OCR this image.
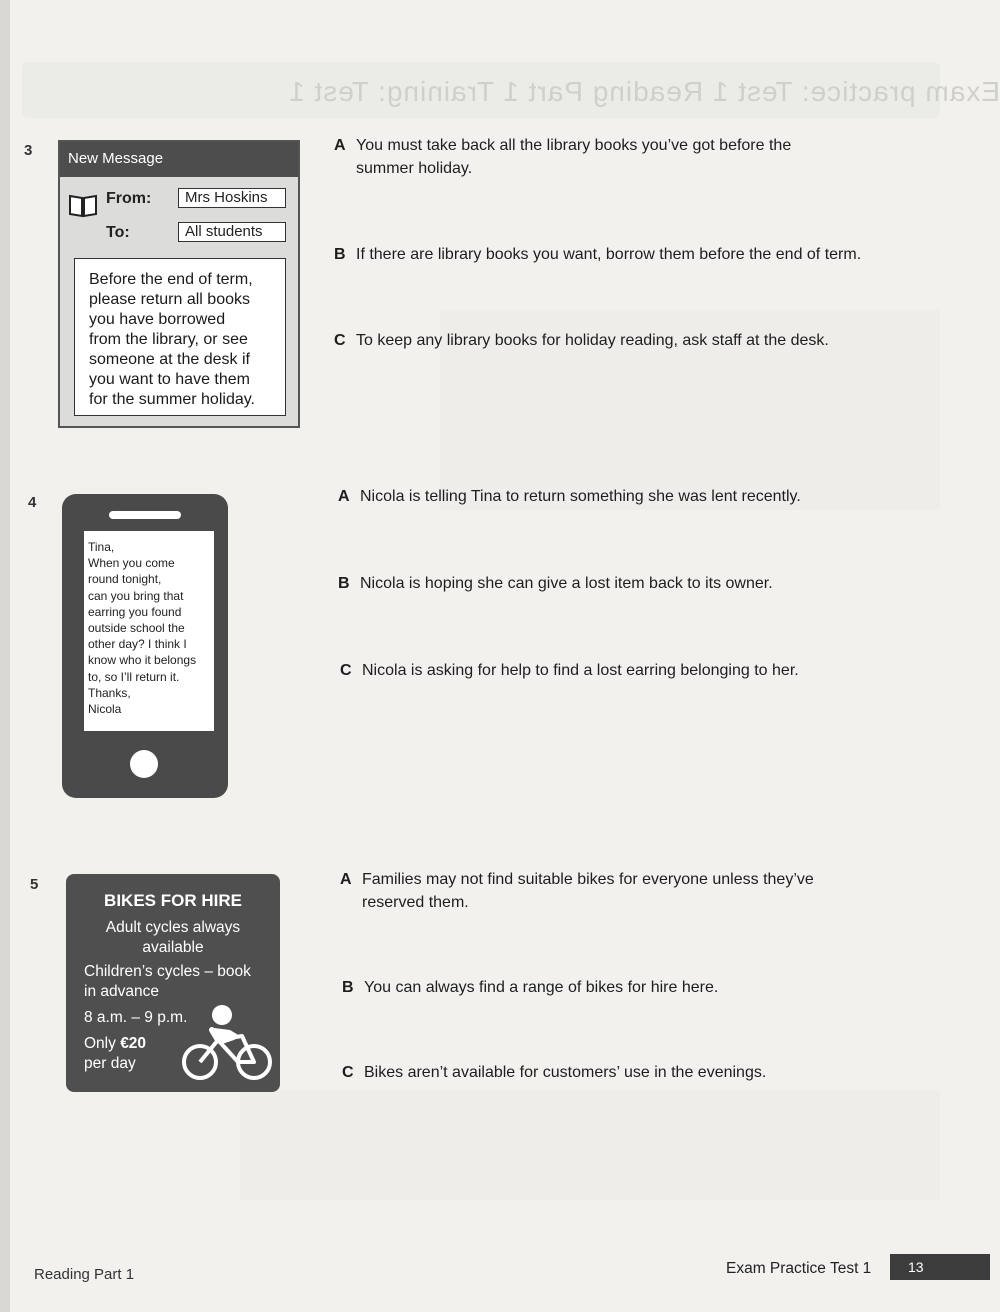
Exam practice: Test 1 Reading Part 1 Training: Test 1
3	New Message
From:	Mrs Hoskins
To:	All students
Before the end of term,
please return all books
you have borrowed
from the library, or see
someone at the desk if
you want to have them
for the summer holiday.
A You must take back all the library books you’ve got before the
summer holiday.
B If there are library books you want, borrow them before the end of term.
C To keep any library books for holiday reading, ask staff at the desk.
4
Tina,
When you come
round tonight,
can you bring that
earring you found
outside school the
other day? I think I
know who it belongs
to, so I’ll return it.
Thanks,
Nicola
A Nicola is telling Tina to return something she was lent recently.
B Nicola is hoping she can give a lost item back to its owner.
C Nicola is asking for help to find a lost earring belonging to her.
5
BIKES FOR HIRE
Adult cycles always
available
Children’s cycles – book
in advance
8 a.m. – 9 p.m.
Only €20
per day
A Families may not find suitable bikes for everyone unless they’ve
reserved them.
B You can always find a range of bikes for hire here.
C Bikes aren’t available for customers’ use in the evenings.
Reading Part 1	Exam Practice Test 1	13
